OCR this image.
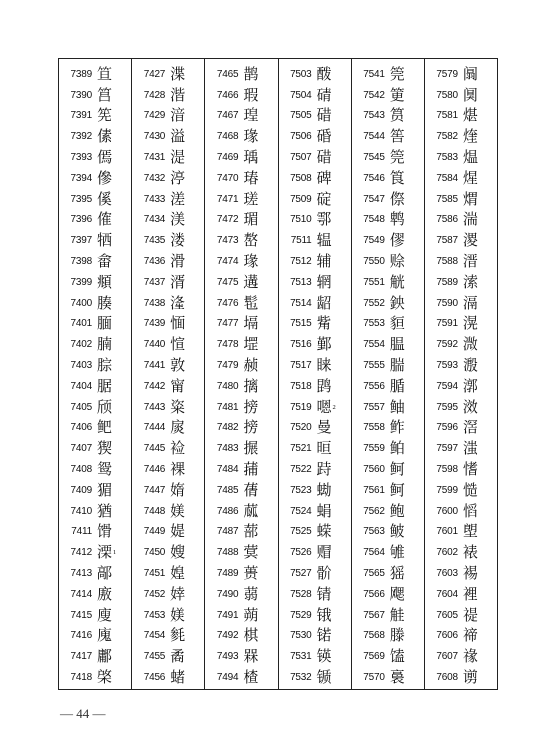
7389 笪
7390 筥
7391 筅
7392 傃
7393 傿
7394 傪
7395 傒
7396 傕
7397 牺
7398 畲
7399 頫
7400 腠
7401 腼
7402 腩
7403 腙
7404 腒
7405 颀
7406 鲃
7407 猰
7408 鸳
7409 猸
7410 猶
7411 馉
7412 溧 1
7413 鄗
7414 廒
7415 廋
7416 廆
7417 鄘
7418 棨
7427 渫
7428 湝
7429 湆
7430 溢
7431 湜
7432 渟
7433 溠
7434 渼
7435 溇
7436 滑
7437 湑
7438 湰
7439 愐
7440 愃
7441 敦
7442 甯
7443 粢
7444 扊
7445 裣
7446 裸
7447 媠
7448 媄
7449 媞
7450 嫂
7451 媓
7452 婞
7453 媄
7454 毵
7455 矞
7456 蝫
7465 鹊
7466 瑕
7467 瑝
7468 瑑
7469 瑀
7470 瑃
7471 瑳
7472 瑂
7473 嶅
7474 瑑
7475 遘
7476 髢
7477 塥
7478 堽
7479 赪
7480 摛
7481 搒
7482 搒
7483 搌
7484 蒱
7485 蒨
7486 蓏
7487 蔀
7488 蓂
7489 蒉
7490 蒻
7491 蒴
7492 棋
7493 槑
7494 楂
7503 酦
7504 碃
7505 碏
7506 碈
7507 碏
7508 碑
7509 碇
7510 鄠
7511 辒
7512 辅
7513 辋
7514 龆
7515 觜
7516 鄞
7517 睐
7518 鹍
7519 嗯 2
7520 曼
7521 晅
7522 跱
7523 蜐
7524 蜎
7525 蝾
7526 赗
7527 骱
7528 锖
7529 锇
7530 锘
7531 锳
7532 锧
7541 筦
7542 筻
7543 筼
7544 筶
7545 筦
7546 筤
7547 傺
7548 鹎
7549 僇
7550 赊
7551 觥
7552 鉠
7553 貆
7554 腽
7555 腨
7556 腯
7557 鲉
7558 鲊
7559 鲌
7560 鲄
7561 鲄
7562 鲍
7563 鲏
7564 雊
7565 猺
7566 飔
7567 觟
7568 滕
7569 馌
7570 裛
7579 阘
7580 阒
7581 煁
7582 煃
7583 煴
7584 煋
7585 煟
7586 湍
7587 溭
7588 溍
7589 溹
7590 滆
7591 滉
7592 溦
7593 溵
7594 漷
7595 滧
7596 滘
7597 滍
7598 愭
7599 慥
7600 慆
7601 塱
7602 裱
7603 裼
7604 裡
7605 禔
7606 禘
7607 禒
7608 谫
— 44 —
